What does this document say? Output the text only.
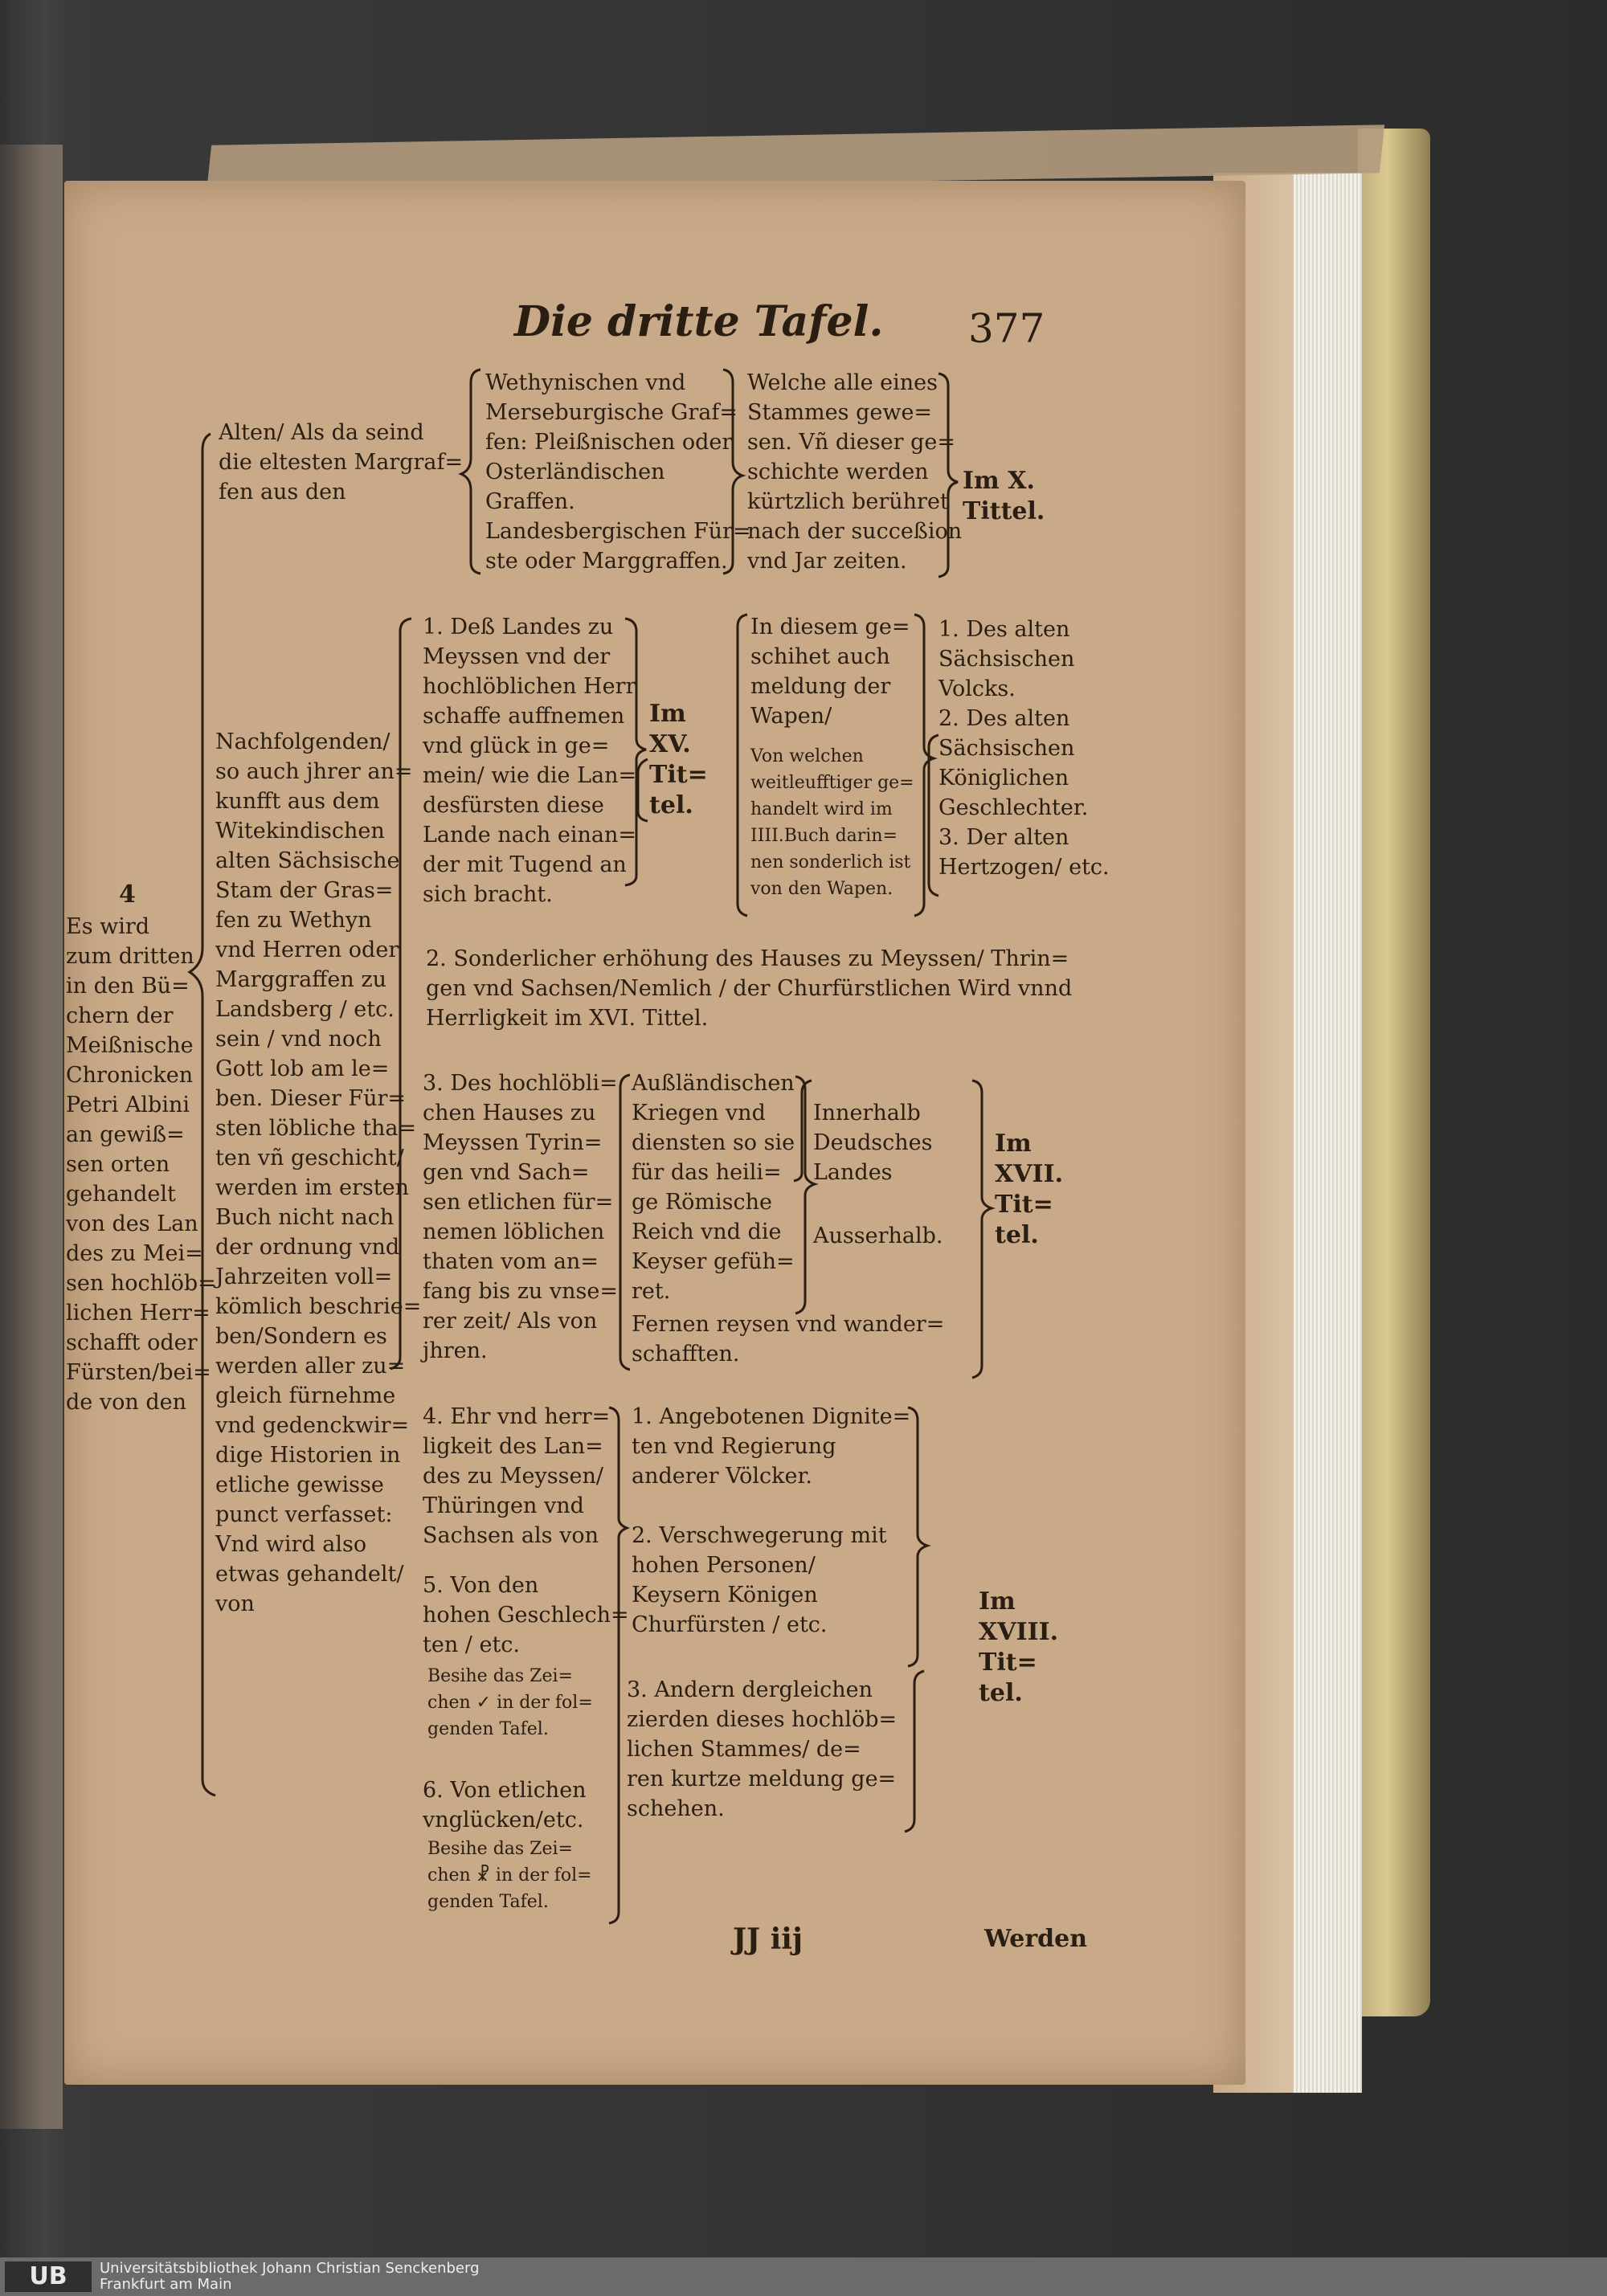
Die dritte Tafel. 377
4
Es wird
zum dritten
in den Bü=
chern der
Meißnische
Chronicken
Petri Albini
an gewiß=
sen orten
gehandelt
von des Lan
des zu Mei=
sen hochlöb=
lichen Herr=
schafft oder
Fürsten/bei=
de von den
Alten/ Als da seind
die eltesten Margraf=
fen aus den
Nachfolgenden/
so auch jhrer an=
kunfft aus dem
Witekindischen
alten Sächsische
Stam der Gras=
fen zu Wethyn
vnd Herren oder
Marggraffen zu
Landsberg / etc.
sein / vnd noch
Gott lob am le=
ben. Dieser Für=
sten löbliche tha=
ten vñ geschicht/
werden im ersten
Buch nicht nach
der ordnung vnd
Jahrzeiten voll=
kömlich beschrie=
ben/Sondern es
werden aller zu=
gleich fürnehme
vnd gedenckwir=
dige Historien in
etliche gewisse
punct verfasset:
Vnd wird also
etwas gehandelt/
von
Wethynischen vnd
Merseburgische Graf=
fen: Pleißnischen oder
Osterländischen
Graffen.
Landesbergischen Für=
ste oder Marggraffen.
Welche alle eines
Stammes gewe=
sen. Vñ dieser ge=
schichte werden
kürtzlich berühret
nach der succeßion
vnd Jar zeiten.
Im X.
Tittel.
1. Deß Landes zu
Meyssen vnd der
hochlöblichen Herr
schaffe auffnemen
vnd glück in ge=
mein/ wie die Lan=
desfürsten diese
Lande nach einan=
der mit Tugend an
sich bracht.
Im
XV.
Tit=
tel.
In diesem ge=
schihet auch
meldung der
Wapen/
Von welchen
weitleufftiger ge=
handelt wird im
IIII.Buch darin=
nen sonderlich ist
von den Wapen.
1. Des alten
Sächsischen
Volcks.
2. Des alten
Sächsischen
Königlichen
Geschlechter.
3. Der alten
Hertzogen/ etc.
2. Sonderlicher erhöhung des Hauses zu Meyssen/ Thrin=
gen vnd Sachsen/Nemlich / der Churfürstlichen Wird vnnd
Herrligkeit im XVI. Tittel.
3. Des hochlöbli=
chen Hauses zu
Meyssen Tyrin=
gen vnd Sach=
sen etlichen für=
nemen löblichen
thaten vom an=
fang bis zu vnse=
rer zeit/ Als von
jhren.
Außländischen
Kriegen vnd
diensten so sie
für das heili=
ge Römische
Reich vnd die
Keyser gefüh=
ret.
Innerhalb
Deudsches
Landes
Ausserhalb.
Fernen reysen vnd wander=
schafften.
Im
XVII.
Tit=
tel.
4. Ehr vnd herr=
ligkeit des Lan=
des zu Meyssen/
Thüringen vnd
Sachsen als von
5. Von den
hohen Geschlech=
ten / etc.
Besihe das Zei=
chen ✓ in der fol=
genden Tafel.
6. Von etlichen
vnglücken/etc.
Besihe das Zei=
chen ☧ in der fol=
genden Tafel.
1. Angebotenen Dignite=
ten vnd Regierung
anderer Völcker.
2. Verschwegerung mit
hohen Personen/
Keysern Königen
Churfürsten / etc.
3. Andern dergleichen
zierden dieses hochlöb=
lichen Stammes/ de=
ren kurtze meldung ge=
schehen.
Im
XVIII.
Tit=
tel.
JJ iij	Werden
UB	Universitätsbibliothek Johann Christian Senckenberg
Frankfurt am Main
